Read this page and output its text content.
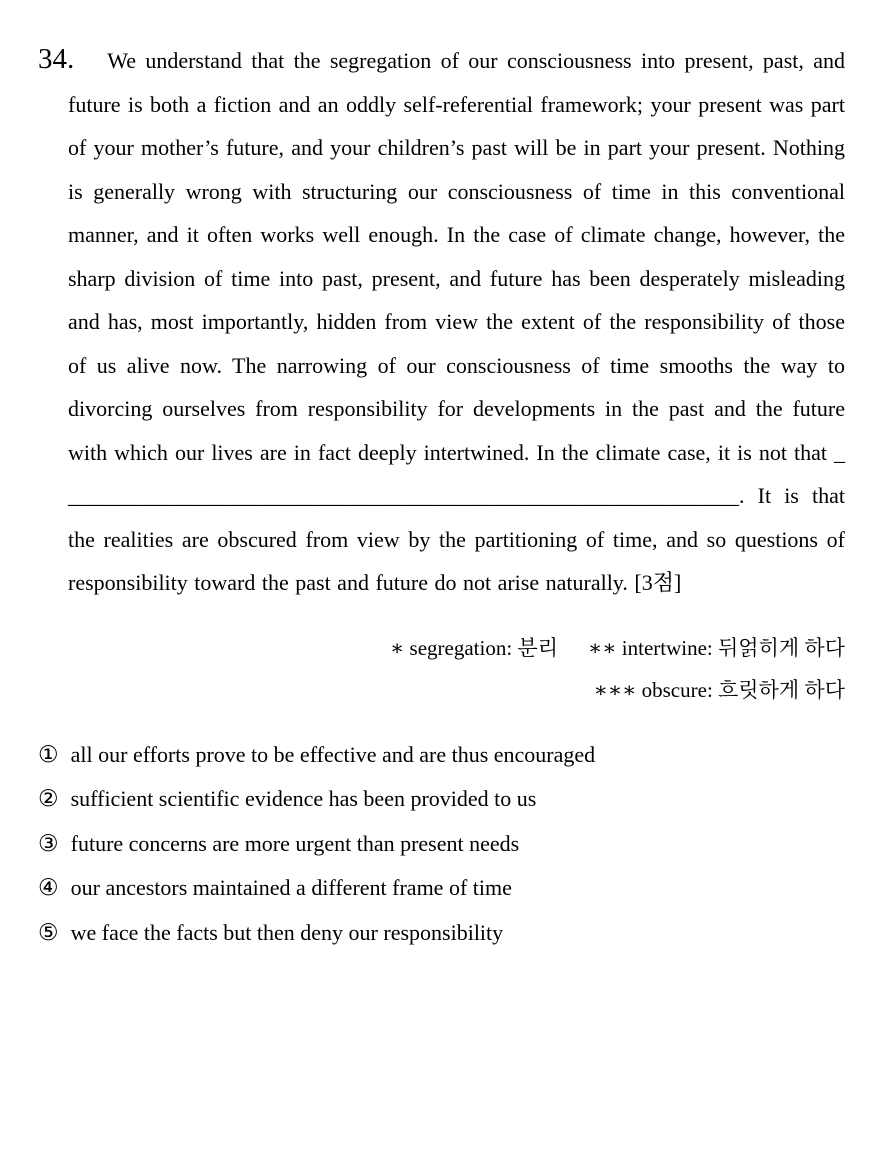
34. We understand that the segregation of our consciousness into present, past, and future is both a fiction and an oddly self-referential framework; your present was part of your mother’s future, and your children’s past will be in part your present. Nothing is generally wrong with structuring our consciousness of time in this conventional manner, and it often works well enough. In the case of climate change, however, the sharp division of time into past, present, and future has been desperately misleading and has, most importantly, hidden from view the extent of the responsibility of those of us alive now. The narrowing of our consciousness of time smooths the way to divorcing ourselves from responsibility for developments in the past and the future with which our lives are in fact deeply intertwined. In the climate case, it is not that ______________________________________________________________. It is that the realities are obscured from view by the partitioning of time, and so questions of responsibility toward the past and future do not arise naturally. [3점]

∗ segregation: 분리 ∗∗ intertwine: 뒤얽히게 하다
∗∗∗ obscure: 흐릿하게 하다
① all our efforts prove to be effective and are thus encouraged
② sufficient scientific evidence has been provided to us
③ future concerns are more urgent than present needs
④ our ancestors maintained a different frame of time
⑤ we face the facts but then deny our responsibility
